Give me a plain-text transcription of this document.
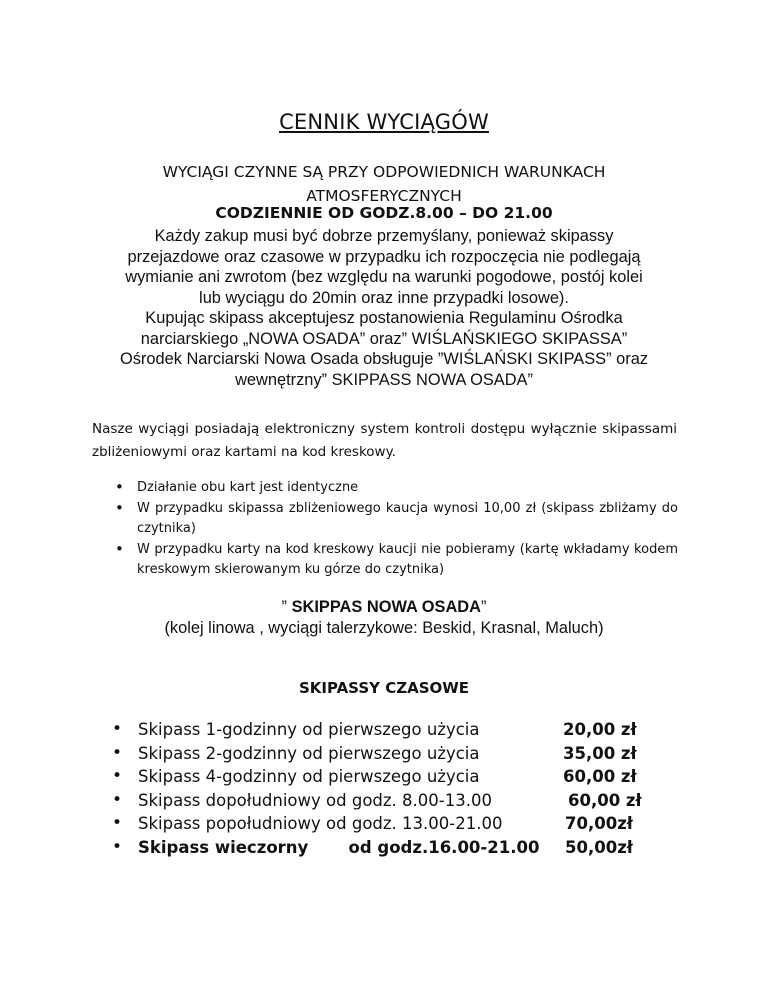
CENNIK WYCIĄGÓW
WYCIĄGI CZYNNE SĄ PRZY ODPOWIEDNICH WARUNKACH ATMOSFERYCZNYCH
CODZIENNIE OD GODZ.8.00 – DO 21.00
Każdy zakup musi być dobrze przemyślany, ponieważ skipassy
przejazdowe oraz czasowe w przypadku ich rozpoczęcia nie podlegają
wymianie ani zwrotom (bez względu na warunki pogodowe, postój kolei
lub wyciągu do 20min oraz inne przypadki losowe).
Kupując skipass akceptujesz postanowienia Regulaminu Ośrodka
narciarskiego „NOWA OSADA” oraz” WIŚLAŃSKIEGO SKIPASSA”
Ośrodek Narciarski Nowa Osada obsługuje ”WIŚLAŃSKI SKIPASS” oraz
wewnętrzny” SKIPPASS NOWA OSADA”
Nasze wyciągi posiadają elektroniczny system kontroli dostępu wyłącznie skipassami zbliżeniowymi oraz kartami na kod kreskowy.
• Działanie obu kart jest identyczne
• W przypadku skipassa zbliżeniowego kaucja wynosi 10,00 zł (skipass zbliżamy do czytnika)
• W przypadku karty na kod kreskowy kaucji nie pobieramy (kartę wkładamy kodem kreskowym skierowanym ku górze do czytnika)
” SKIPPAS NOWA OSADA”
(kolej linowa , wyciągi talerzykowe: Beskid, Krasnal, Maluch)
SKIPASSY CZASOWE
• Skipass 1-godzinny od pierwszego użycia	20,00 zł
• Skipass 2-godzinny od pierwszego użycia	35,00 zł
• Skipass 4-godzinny od pierwszego użycia	60,00 zł
• Skipass dopołudniowy od godz. 8.00-13.00	60,00 zł
• Skipass popołudniowy od godz. 13.00-21.00	70,00zł
• Skipass wieczorny       od godz.16.00-21.00 50,00zł
